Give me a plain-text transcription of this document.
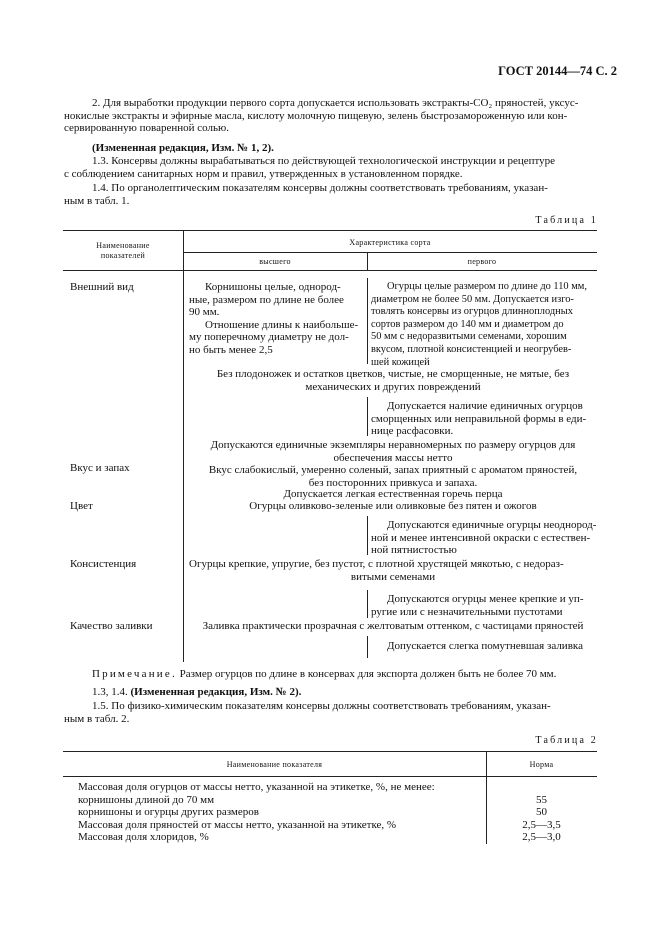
ГОСТ 20144—74 С. 2
2. Для выработки продукции первого сорта допускается использовать экстракты-CO₂ пряностей, уксус-
нокислые экстракты и эфирные масла, кислоту молочную пищевую, зелень быстрозамороженную или кон-
сервированную поваренной солью.
(Измененная редакция, Изм. № 1, 2).
1.3. Консервы должны вырабатываться по действующей технологической инструкции и рецептуре
с соблюдением санитарных норм и правил, утвержденных в установленном порядке.
1.4. По органолептическим показателям консервы должны соответствовать требованиям, указан-
ным в табл. 1.
Таблица 1
Наименование
показателей
Характеристика сорта
высшего	первого
Внешний вид
Вкус и запах
Цвет
Консистенция
Качество заливки
Корнишоны целые, однород-
ные, размером по длине не более
90 мм.
Отношение длины к наибольше-
му поперечному диаметру не дол-
но быть менее 2,5
Огурцы целые размером по длине до 110 мм,
диаметром не более 50 мм. Допускается изго-
товлять консервы из огурцов длинноплодных
сортов размером до 140 мм и диаметром до
50 мм с недоразвитыми семенами, хорошим
вкусом, плотной консистенцией и неогрубев-
шей кожицей
Без плодоножек и остатков цветков, чистые, не сморщенные, не мятые, без
механических и других повреждений
Допускается наличие единичных огурцов
сморщенных или неправильной формы в еди-
нице расфасовки.
Допускаются единичные экземпляры неравномерных по размеру огурцов для
обеспечения массы нетто
Вкус слабокислый, умеренно соленый, запах приятный с ароматом пряностей,
без посторонних привкуса и запаха.
Допускается легкая естественная горечь перца
Огурцы оливково-зеленые или оливковые без пятен и ожогов
Допускаются единичные огурцы неоднород-
ной и менее интенсивной окраски с естествен-
ной пятнистостью
Огурцы крепкие, упругие, без пустот, с плотной хрустящей мякотью, с недораз-
витыми семенами
Допускаются огурцы менее крепкие и уп-
ругие или с незначительными пустотами
Заливка практически прозрачная с желтоватым оттенком, с частицами пряностей
Допускается слегка помутневшая заливка
Примечание. Размер огурцов по длине в консервах для экспорта должен быть не более 70 мм.
1.3, 1.4. (Измененная редакция, Изм. № 2).
1.5. По физико-химическим показателям консервы должны соответствовать требованиям, указан-
ным в табл. 2.
Таблица 2
Наименование показателя	Норма
Массовая доля огурцов от массы нетто, указанной на этикетке, %, не менее:
корнишоны длиной до 70 мм
корнишоны и огурцы других размеров
Массовая доля пряностей от массы нетто, указанной на этикетке, %
Массовая доля хлоридов, %
55
50
2,5—3,5
2,5—3,0
